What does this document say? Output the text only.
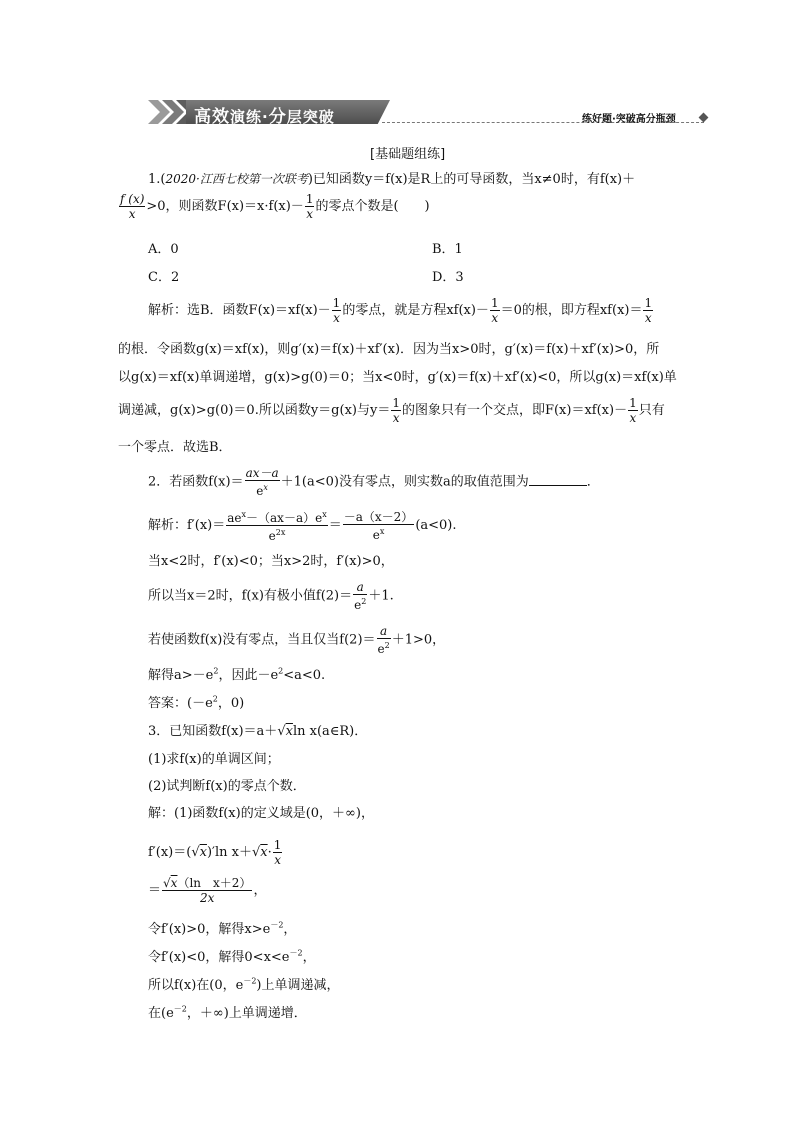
高效演练·分层突破	练好题·突破高分瓶颈
[基础题组练]
1.(2020·江西七校第一次联考)已知函数y＝f(x)是R上的可导函数，当x≠0时，有f(x)＋
$\frac{f (x)}{x} >0$，则函数$F(x)=x\cdot f(x)- \frac{1}{x}$ 的零点个数是(　　)
A．0	B．1
C．2	D．3
解析：选B．函数$F(x)=xf(x)- \frac{1}{x}$ 的零点，就是方程$xf(x)- \frac{1}{x} =0$的根，即方程$xf(x)= \frac{1}{x}$
的根．令函数g(x)＝xf(x)，则g′(x)＝f(x)＋xf′(x)．因为当x>0时，g′(x)＝f(x)＋xf′(x)>0，所
以g(x)＝xf(x)单调递增，g(x)>g(0)＝0；当x<0时，g′(x)＝f(x)＋xf′(x)<0，所以g(x)＝xf(x)单
调递减，g(x)>g(0)＝0.所以函数y＝g(x)与$y= \frac{1}{x}$ 的图象只有一个交点，即$F(x)=xf(x)- \frac{1}{x}$ 只有
一个零点．故选B．
2．若函数$f(x)= \frac{ax-a}{e^x} +1(a<0)$没有零点，则实数a的取值范围为	．
解析：$f'(x)= \frac{ae^x-(ax-a)e^x}{e^{2x}} = \frac{-a(x-2)}{e^x} (a<0)$.
当x<2时，f′(x)<0；当x>2时，f′(x)>0，
所以当x＝2时，f(x)有极小值$f(2)= \frac{a}{e^2} +1$.
若使函数f(x)没有零点，当且仅当$f(2)= \frac{a}{e^2} +1>0$，
解得$a>-e^2$，因此$-e^2<a<0$.
答案：($-e^2$，0)
3．已知函数f(x)＝a＋√xln x(a∈R)．
(1)求f(x)的单调区间；
(2)试判断f(x)的零点个数．
解：(1)函数f(x)的定义域是(0，＋∞)，
f′(x)＝(√x)′ln $x+√x\cdot \frac{1}{x}$
＝ $\frac{\text{√x（ln　x＋2）}}{2x}$ ，
令f′(x)>0，解得$x>e^{-2}$，
令f′(x)<0，解得$0<x<e^{-2}$，
所以f(x)在(0，$e^{-2}$)上单调递减，
在($e^{-2}$，＋∞)上单调递增．
